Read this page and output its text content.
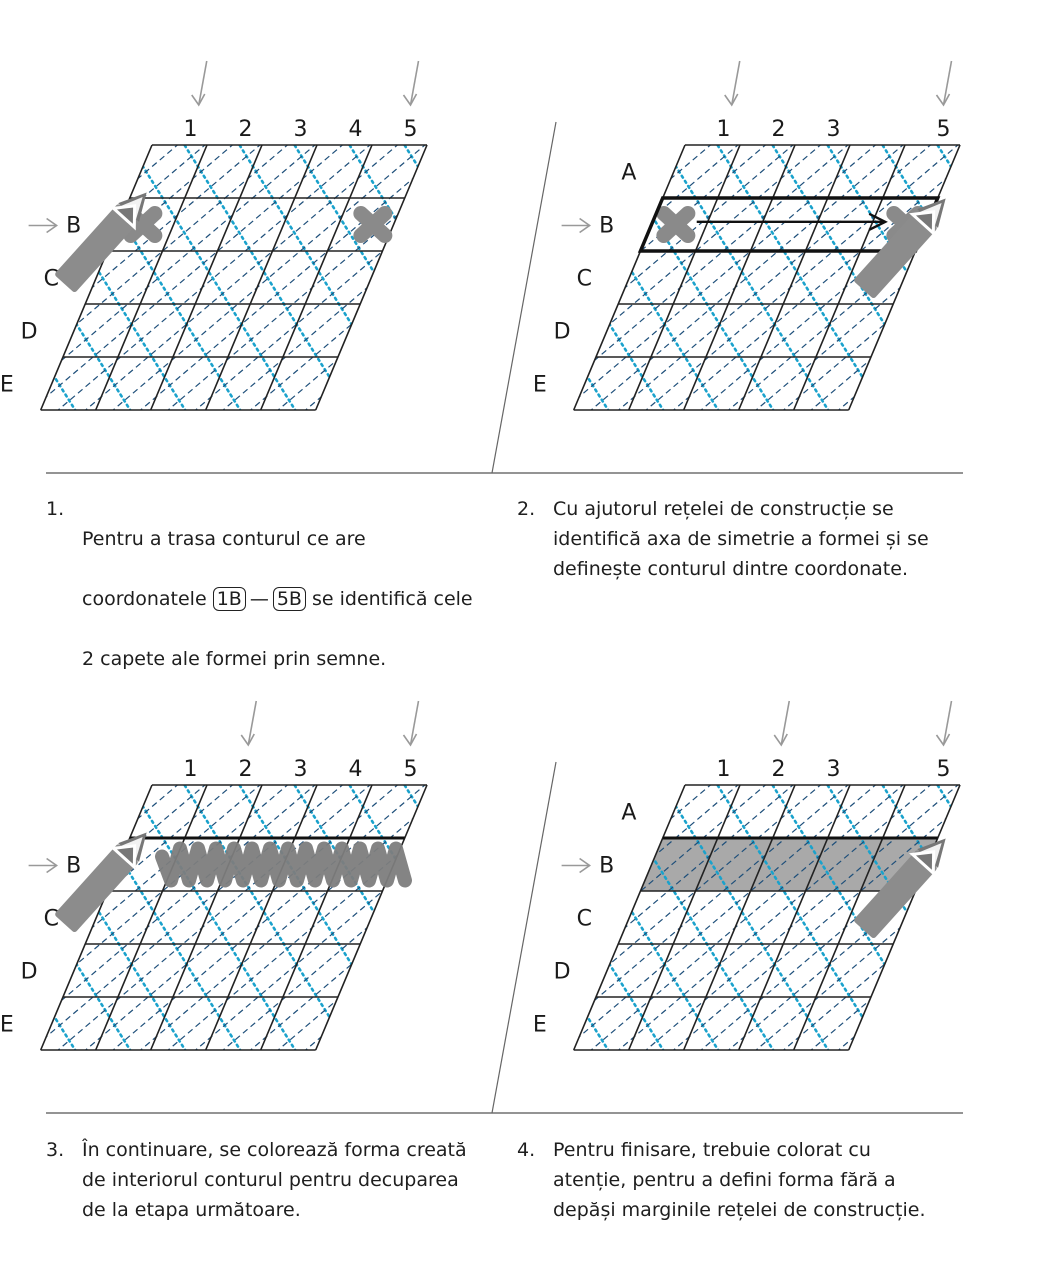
1 2 3 4 5
B
C
D
E
1 2 3	5
A
B
C
D
E
1 2 3 4 5
B
C
D
E
1 2 3	5
A
B
C
D
E
1.

Pentru a trasa conturul ce are

coordonatele 1B — 5B se identifică cele

2 capete ale formei prin semne.

2. Cu ajutorul rețelei de construcție se
identifică axa de simetrie a formei și se
definește conturul dintre coordonate.
3. În continuare, se colorează forma creată
de interiorul conturul pentru decuparea
de la etapa următoare.
4. Pentru finisare, trebuie colorat cu
atenție, pentru a defini forma fără a
depăși marginile rețelei de construcție.
